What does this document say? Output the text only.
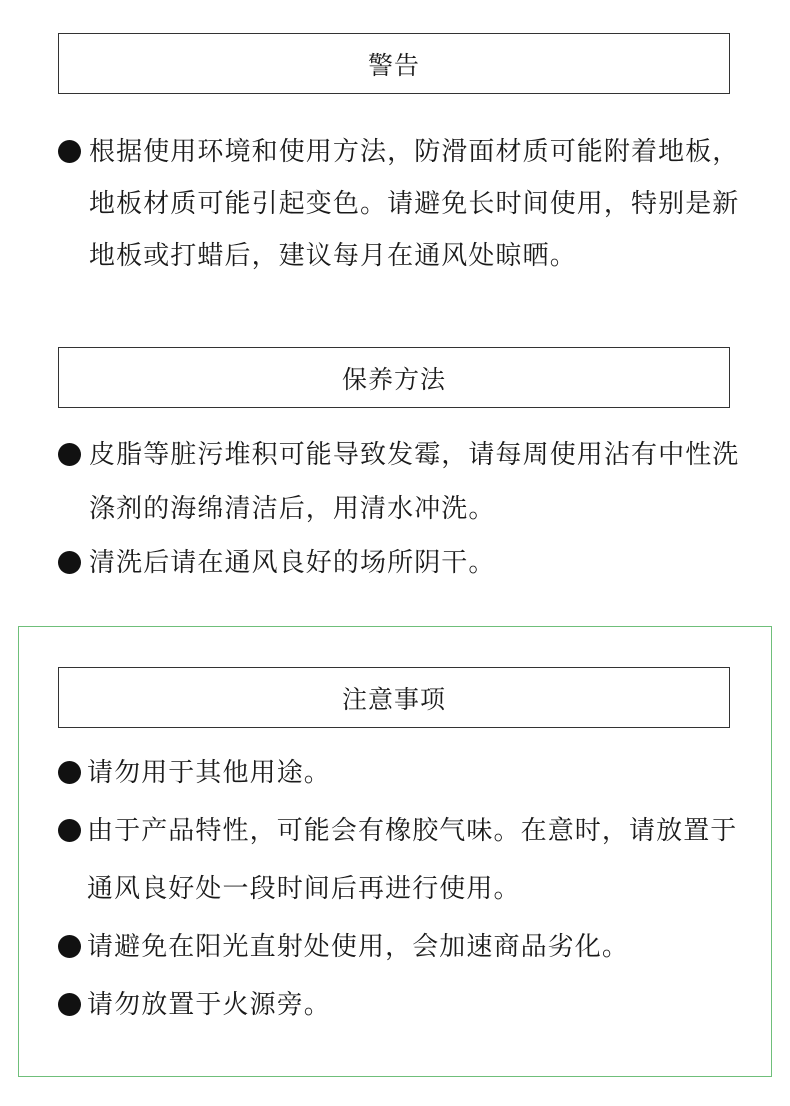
警告
根据使用环境和使用方法，防滑面材质可能附着地板，地板材质可能引起变色。请避免长时间使用，特别是新地板或打蜡后，建议每月在通风处晾晒。
保养方法
皮脂等脏污堆积可能导致发霉，请每周使用沾有中性洗涤剂的海绵清洁后，用清水冲洗。
清洗后请在通风良好的场所阴干。
注意事项
请勿用于其他用途。
由于产品特性，可能会有橡胶气味。在意时，请放置于通风良好处一段时间后再进行使用。
请避免在阳光直射处使用，会加速商品劣化。
请勿放置于火源旁。
